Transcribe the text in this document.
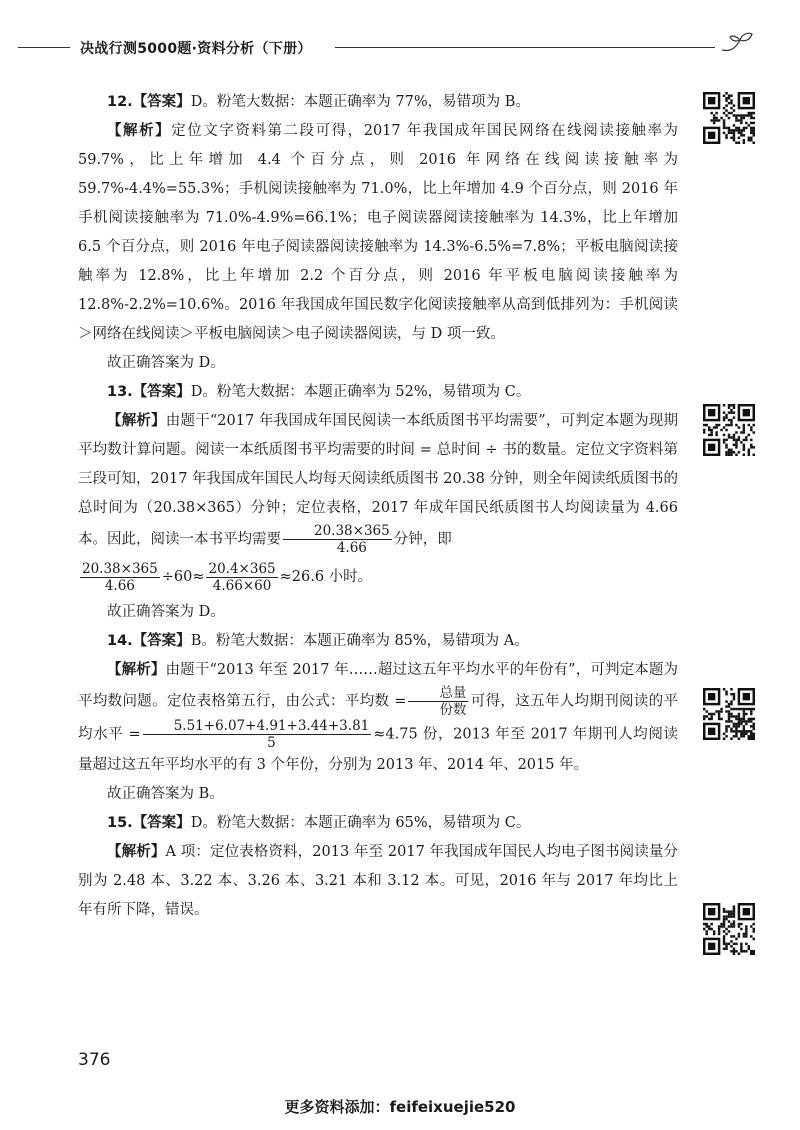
决战行测5000题·资料分析（下册）

12.【答案】D。粉笔大数据：本题正确率为 77%，易错项为 B。

【解析】定位文字资料第二段可得，2017 年我国成年国民网络在线阅读接触率为 59.7%，比上年增加 4.4 个百分点，则 2016 年网络在线阅读接触率为 59.7%-4.4%=55.3%；手机阅读接触率为 71.0%，比上年增加 4.9 个百分点，则 2016 年手机阅读接触率为 71.0%-4.9%=66.1%；电子阅读器阅读接触率为 14.3%，比上年增加 6.5 个百分点，则 2016 年电子阅读器阅读接触率为 14.3%-6.5%=7.8%；平板电脑阅读接触率为 12.8%，比上年增加 2.2 个百分点，则 2016 年平板电脑阅读接触率为 12.8%-2.2%=10.6%。2016 年我国成年国民数字化阅读接触率从高到低排列为：手机阅读＞网络在线阅读＞平板电脑阅读＞电子阅读器阅读，与 D 项一致。

故正确答案为 D。

13.【答案】D。粉笔大数据：本题正确率为 52%，易错项为 C。

【解析】由题干“2017 年我国成年国民阅读一本纸质图书平均需要”，可判定本题为现期平均数计算问题。阅读一本纸质图书平均需要的时间 = 总时间 ÷ 书的数量。定位文字资料第三段可知，2017 年我国成年国民人均每天阅读纸质图书 20.38 分钟，则全年阅读纸质图书的总时间为（20.38×365）分钟；定位表格，2017 年成年国民纸质图书人均阅读量为 4.66 本。因此，阅读一本书平均需要 $\frac{20.38\times 365}{4.66}$ 分钟，即

$\frac{20.38\times 365}{4.66} \div 60\approx \frac{20.4\times 365}{4.66\times 60} \approx 26.6$ 小时。

故正确答案为 D。

14.【答案】B。粉笔大数据：本题正确率为 85%，易错项为 A。

【解析】由题干“2013 年至 2017 年……超过这五年平均水平的年份有”，可判定本题为平均数问题。定位表格第五行，由公式：平均数 = $\frac{\text{总量}}{\text{份数}}$ 可得，这五年人均期刊阅读的平均水平 = $\frac{5.51+6.07+4.91+3.44+3.81}{5} \approx 4.75$ 份，2013 年至 2017 年期刊人均阅读量超过这五年平均水平的有 3 个年份，分别为 2013 年、2014 年、2015 年。

故正确答案为 B。

15.【答案】D。粉笔大数据：本题正确率为 65%，易错项为 C。

【解析】A 项：定位表格资料，2013 年至 2017 年我国成年国民人均电子图书阅读量分别为 2.48 本、3.22 本、3.26 本、3.21 本和 3.12 本。可见，2016 年与 2017 年均比上年有所下降，错误。

376
更多资料添加：feifeixuejie520
